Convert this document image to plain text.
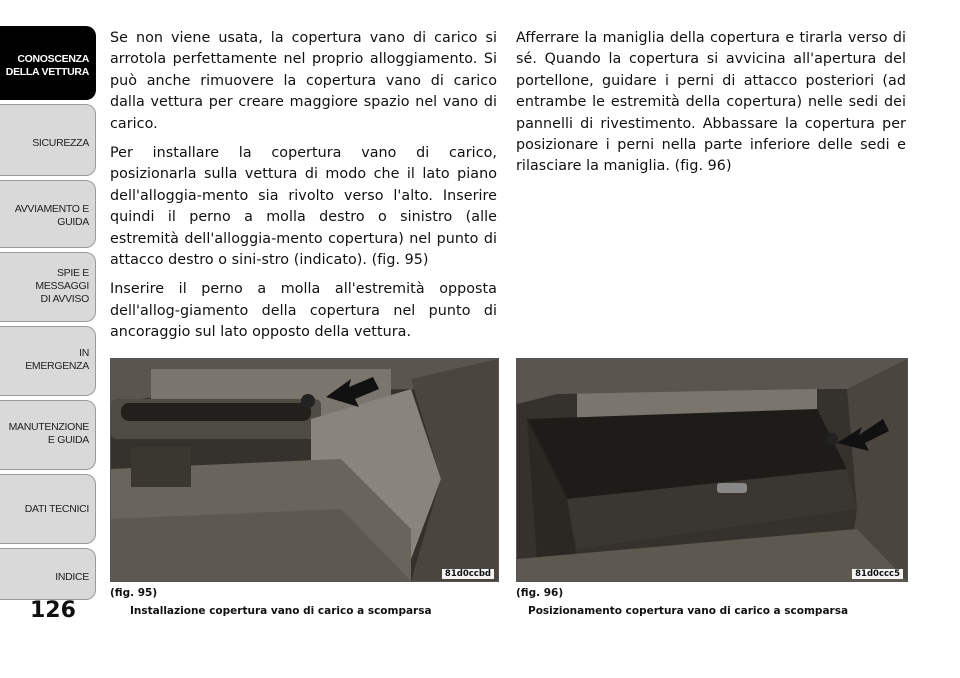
CONOSCENZA
DELLA VETTURA
SICUREZZA
AVVIAMENTO E
GUIDA
SPIE E
MESSAGGI
DI AVVISO
IN
EMERGENZA
MANUTENZIONE
E GUIDA
DATI TECNICI
INDICE
126

Se non viene usata, la copertura vano di carico si arrotola perfettamente nel proprio alloggiamento. Si può anche rimuovere la copertura vano di carico dalla vettura per creare maggiore spazio nel vano di carico.

Per installare la copertura vano di carico, posizionarla sulla vettura di modo che il lato piano dell'alloggia-mento sia rivolto verso l'alto. Inserire quindi il perno a molla destro o sinistro (alle estremità dell'alloggia-mento copertura) nel punto di attacco destro o sini-stro (indicato). (fig. 95)

Inserire il perno a molla all'estremità opposta dell'allog-giamento della copertura nel punto di ancoraggio sul lato opposto della vettura.

Afferrare la maniglia della copertura e tirarla verso di sé. Quando la copertura si avvicina all'apertura del portellone, guidare i perni di attacco posteriori (ad entrambe le estremità della copertura) nelle sedi dei pannelli di rivestimento. Abbassare la copertura per posizionare i perni nella parte inferiore delle sedi e rilasciare la maniglia. (fig. 96)

81d0ccbd
(fig. 95)
Installazione copertura vano di carico a scomparsa
81d0ccc5
(fig. 96)
Posizionamento copertura vano di carico a scomparsa
